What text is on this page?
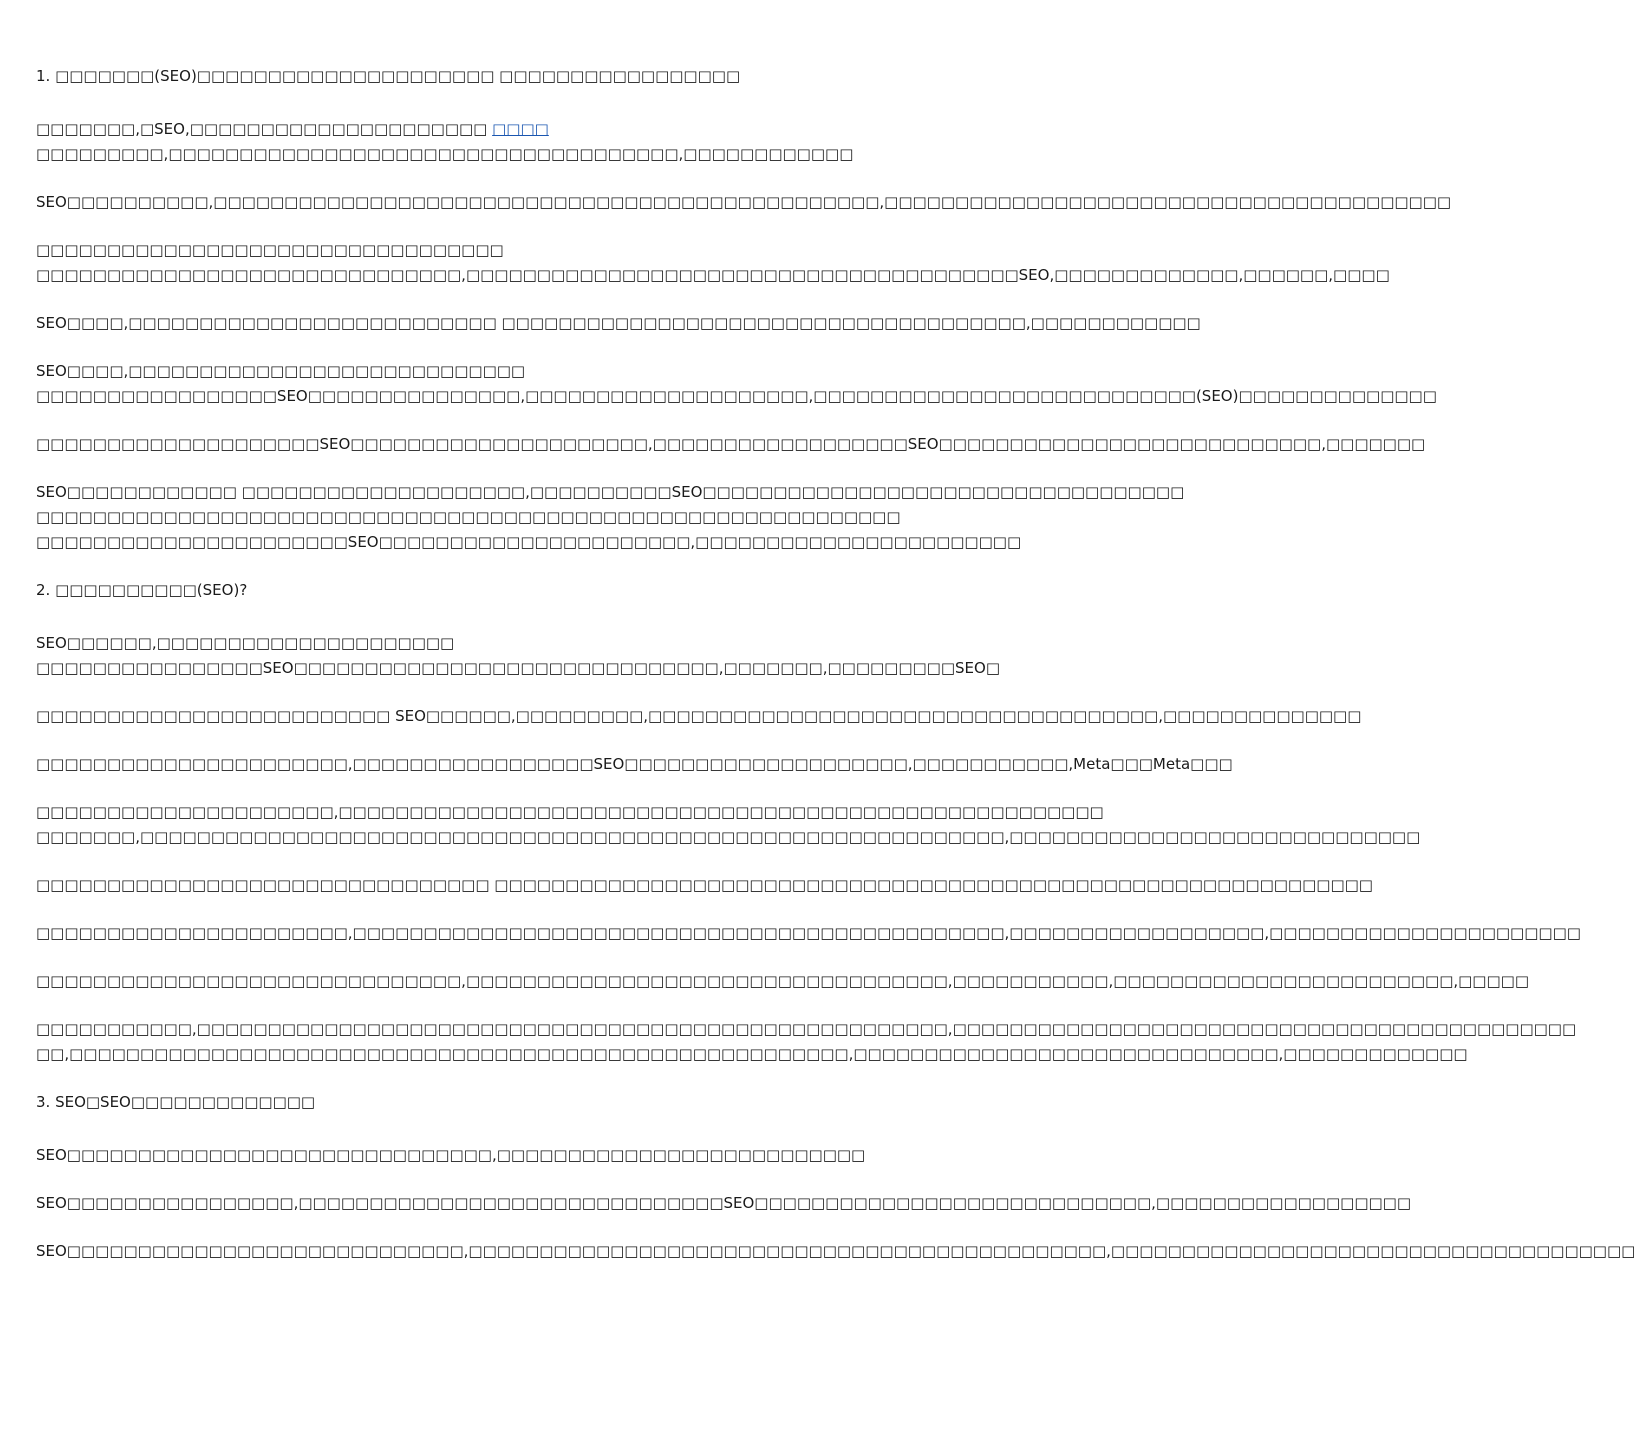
1. □□□□□□□(SEO)□□□□□□□□□□□□□□□□□□□□□ □□□□□□□□□□□□□□□□□
□□□□□□□,□SEO,□□□□□□□□□□□□□□□□□□□□□ □□□□
□□□□□□□□□,□□□□□□□□□□□□□□□□□□□□□□□□□□□□□□□□□□□□,□□□□□□□□□□□□
SEO□□□□□□□□□□,□□□□□□□□□□□□□□□□□□□□□□□□□□□□□□□□□□□□□□□□□□□□□□□,□□□□□□□□□□□□□□□□□□□□□□□□□□□□□□□□□□□□□□□□
□□□□□□□□□□□□□□□□□□□□□□□□□□□□□□□□□
□□□□□□□□□□□□□□□□□□□□□□□□□□□□□□,□□□□□□□□□□□□□□□□□□□□□□□□□□□□□□□□□□□□□□□SEO,□□□□□□□□□□□□□,□□□□□□,□□□□
SEO□□□□,□□□□□□□□□□□□□□□□□□□□□□□□□□ □□□□□□□□□□□□□□□□□□□□□□□□□□□□□□□□□□□□□,□□□□□□□□□□□□
SEO□□□□,□□□□□□□□□□□□□□□□□□□□□□□□□□□□
□□□□□□□□□□□□□□□□□SEO□□□□□□□□□□□□□□□,□□□□□□□□□□□□□□□□□□□□,□□□□□□□□□□□□□□□□□□□□□□□□□□□(SEO)□□□□□□□□□□□□□□
□□□□□□□□□□□□□□□□□□□□SEO□□□□□□□□□□□□□□□□□□□□□,□□□□□□□□□□□□□□□□□□SEO□□□□□□□□□□□□□□□□□□□□□□□□□□□,□□□□□□□
SEO□□□□□□□□□□□□ □□□□□□□□□□□□□□□□□□□□,□□□□□□□□□□SEO□□□□□□□□□□□□□□□□□□□□□□□□□□□□□□□□□□
□□□□□□□□□□□□□□□□□□□□□□□□□□□□□□□□□□□□□□□□□□□□□□□□□□□□□□□□□□□□□
□□□□□□□□□□□□□□□□□□□□□□SEO□□□□□□□□□□□□□□□□□□□□□□,□□□□□□□□□□□□□□□□□□□□□□□
2. □□□□□□□□□□(SEO)?
SEO□□□□□□,□□□□□□□□□□□□□□□□□□□□□
□□□□□□□□□□□□□□□□SEO□□□□□□□□□□□□□□□□□□□□□□□□□□□□□□,□□□□□□□,□□□□□□□□□SEO□
□□□□□□□□□□□□□□□□□□□□□□□□□ SEO□□□□□□,□□□□□□□□□,□□□□□□□□□□□□□□□□□□□□□□□□□□□□□□□□□□□□,□□□□□□□□□□□□□□
□□□□□□□□□□□□□□□□□□□□□□,□□□□□□□□□□□□□□□□□SEO□□□□□□□□□□□□□□□□□□□□,□□□□□□□□□□□,Meta□□□Meta□□□
□□□□□□□□□□□□□□□□□□□□□,□□□□□□□□□□□□□□□□□□□□□□□□□□□□□□□□□□□□□□□□□□□□□□□□□□□□□□
□□□□□□□,□□□□□□□□□□□□□□□□□□□□□□□□□□□□□□□□□□□□□□□□□□□□□□□□□□□□□□□□□□□□□,□□□□□□□□□□□□□□□□□□□□□□□□□□□□□
□□□□□□□□□□□□□□□□□□□□□□□□□□□□□□□□ □□□□□□□□□□□□□□□□□□□□□□□□□□□□□□□□□□□□□□□□□□□□□□□□□□□□□□□□□□□□□□
□□□□□□□□□□□□□□□□□□□□□□,□□□□□□□□□□□□□□□□□□□□□□□□□□□□□□□□□□□□□□□□□□□□□□,□□□□□□□□□□□□□□□□□□,□□□□□□□□□□□□□□□□□□□□□□
□□□□□□□□□□□□□□□□□□□□□□□□□□□□□□,□□□□□□□□□□□□□□□□□□□□□□□□□□□□□□□□□□,□□□□□□□□□□□,□□□□□□□□□□□□□□□□□□□□□□□□,□□□□□
□□□□□□□□□□□,□□□□□□□□□□□□□□□□□□□□□□□□□□□□□□□□□□□□□□□□□□□□□□□□□□□□□,□□□□□□□□□□□□□□□□□□□□□□□□□□□□□□□□□□□□□□□□□□□□
□□,□□□□□□□□□□□□□□□□□□□□□□□□□□□□□□□□□□□□□□□□□□□□□□□□□□□□□□□,□□□□□□□□□□□□□□□□□□□□□□□□□□□□□□,□□□□□□□□□□□□□
3. SEO□SEO□□□□□□□□□□□□□
SEO□□□□□□□□□□□□□□□□□□□□□□□□□□□□□□,□□□□□□□□□□□□□□□□□□□□□□□□□□
SEO□□□□□□□□□□□□□□□□,□□□□□□□□□□□□□□□□□□□□□□□□□□□□□□SEO□□□□□□□□□□□□□□□□□□□□□□□□□□□□,□□□□□□□□□□□□□□□□□□
SEO□□□□□□□□□□□□□□□□□□□□□□□□□□□□,□□□□□□□□□□□□□□□□□□□□□□□□□□□□□□□□□□□□□□□□□□□□□,□□□□□□□□□□□□□□□□□□□□□□□□□□□□□□□□□□□□□
